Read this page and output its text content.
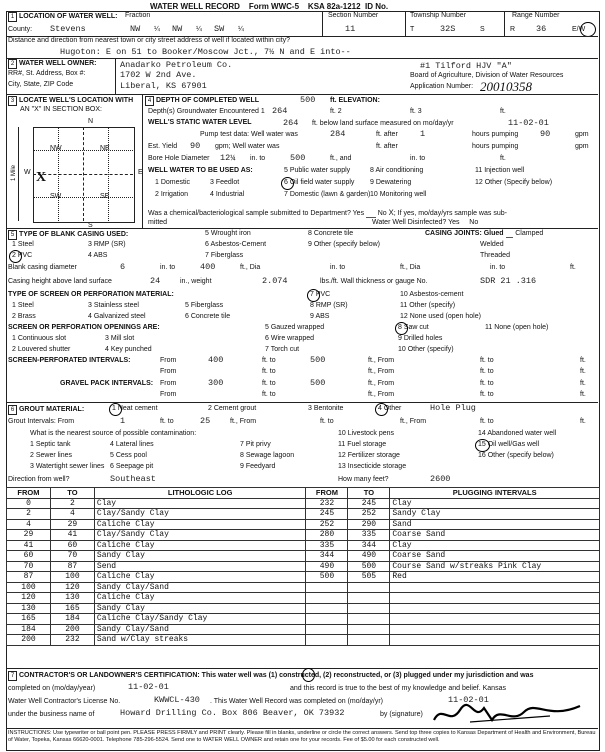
WATER WELL RECORD Form WWC-5 KSA 82a-1212 ID No.
1 LOCATION OF WATER WELL: Fraction	Section Number	Township Number	Range Number
County: Stevens	NW ¼ NW ¼ SW ¼	11	T	32S	S	R 36	E/W
Distance and direction from nearest town or city street address of well if located within city?
Hugoton: E on 51 to Booker/Moscow Jct., 7½ N and E into--
2 WATER WELL OWNER:	Anadarko Petroleum Co.
RR#, St. Address, Box #:	1702 W 2nd Ave.
City, State, ZIP Code	Liberal, KS 67901
#1 Tilford HJV "A"
Board of Agriculture, Division of Water Resources
Application Number: 20010358
3 LOCATE WELL'S LOCATION WITH
AN "X" IN SECTION BOX:
N
S
W	E
NW	NE
SW	SE
X
1 Mile
4 DEPTH OF COMPLETED WELL	500 ft. ELEVATION:
Depth(s) Groundwater Encountered 1 264	ft. 2	ft. 3	ft.
WELL'S STATIC WATER LEVEL	264 ft. below land surface measured on mo/day/yr	11-02-01
Pump test data: Well water was	284	ft. after	1	hours pumping	90	gpm
Est. Yield 90 gpm; Well water was	ft. after	hours pumping	gpm
Bore Hole Diameter 12¼ in. to	500	ft., and	in. to	ft.
WELL WATER TO BE USED AS:
1 Domestic	3 Feedlot
5 Public water supply	8 Air conditioning	11 Injection well
2 Irrigation	4 Industrial
6 Oil field water supply 9 Dewatering	12 Other (Specify below)
7 Domestic (lawn & garden) 10 Monitoring well
Was a chemical/bacteriological sample submitted to Department? Yes No X; If yes, mo/day/yrs sample was sub-
mitted	Water Well Disinfected? Yes No
5 TYPE OF BLANK CASING USED:
1 Steel	3 RMP (SR)
5 Wrought iron	8 Concrete tile
2 PVC	4 ABS
6 Asbestos-Cement
7 Fiberglass
9 Other (specify below)
CASING JOINTS: Glued Clamped
Welded
Threaded
Blank casing diameter	6	in. to	400	ft., Dia	in. to	ft., Dia	in. to	ft.
Casing height above land surface	24	in., weight	2.074	lbs./ft. Wall thickness or gauge No.	SDR 21 .316
TYPE OF SCREEN OR PERFORATION MATERIAL:
1 Steel	3 Stainless steel	5 Fiberglass
7 PVC	10 Asbestos-cement
2 Brass	4 Galvanized steel	6 Concrete tile
8 RMP (SR)	11 Other (specify)
9 ABS	12 None used (open hole)
SCREEN OR PERFORATION OPENINGS ARE:
1 Continuous slot	3 Mill slot
5 Gauzed wrapped	8 Saw cut	11 None (open hole)
2 Louvered shutter	4 Key punched
6 Wire wrapped	9 Drilled holes
7 Torch cut	10 Other (specify)
SCREEN-PERFORATED INTERVALS:	From	400	ft. to	500	ft., From	ft. to	ft.
From	ft. to	ft., From	ft. to	ft.
GRAVEL PACK INTERVALS: From	300	ft. to	500	ft., From	ft. to	ft.
From	ft. to	ft., From	ft. to	ft.
6 GROUT MATERIAL:	1 Neat cement	2 Cement grout	3 Bentonite	4 Other	Hole Plug
Grout Intervals: From	1	ft. to	25	ft., From	ft. to	ft., From	ft. to	ft.
What is the nearest source of possible contamination:
1 Septic tank	4 Lateral lines	7 Pit privy
10 Livestock pens	14 Abandoned water well
2 Sewer lines	5 Cess pool	8 Sewage lagoon
11 Fuel storage	15 Oil well/Gas well
3 Watertight sewer lines 6 Seepage pit	9 Feedyard
12 Fertilizer storage	16 Other (specify below)
13 Insecticide storage
Direction from well?	Southeast	How many feet?	2600
FROM	TO	LITHOLOGIC LOG	FROM	TO	PLUGGING INTERVALS
0	2	Clay	232	245	Clay
2	4	Clay/Sandy Clay	245	252	Sandy Clay
4	29	Caliche Clay	252	290	Sand
29	41	Clay/Sandy Clay	280	335	Coarse Sand
41	60	Caliche Clay	335	344	Clay
60	70	Sandy Clay	344	490	Coarse Sand
70	87	Send	490	500	Course Sand w/streaks Pink Clay
87	100	Caliche Clay	500	505	Red
100	120	Sandy Clay/Sand			
120	130	Caliche Clay			
130	165	Sandy Clay			
165	184	Caliche Clay/Sandy Clay			
184	200	Sandy Clay/Sand			
200	232	Sand w/Clay streaks			
7 CONTRACTOR'S OR LANDOWNER'S CERTIFICATION: This water well was (1) constructed, (2) reconstructed, or (3) plugged under my jurisdiction and was
completed on (mo/day/year)	11-02-01	and this record is true to the best of my knowledge and belief. Kansas
Water Well Contractor's License No.	KWWCL-430 . This Water Well Record was completed on (mo/day/yr)	11-02-01
under the business name of	Howard Drilling Co. Box 806 Beaver, OK 73932	by (signature)
INSTRUCTIONS: Use typewriter or ball point pen. PLEASE PRESS FIRMLY and PRINT clearly. Please fill in blanks, underline or circle the correct answers. Send top three copies to Kansas Department of Health and Environment, Bureau of Water, Topeka, Kansas 66620-0001. Telephone 785-296-5524. Send one to WATER WELL OWNER and retain one for your records. Fee of $5.00 for each constructed well.
